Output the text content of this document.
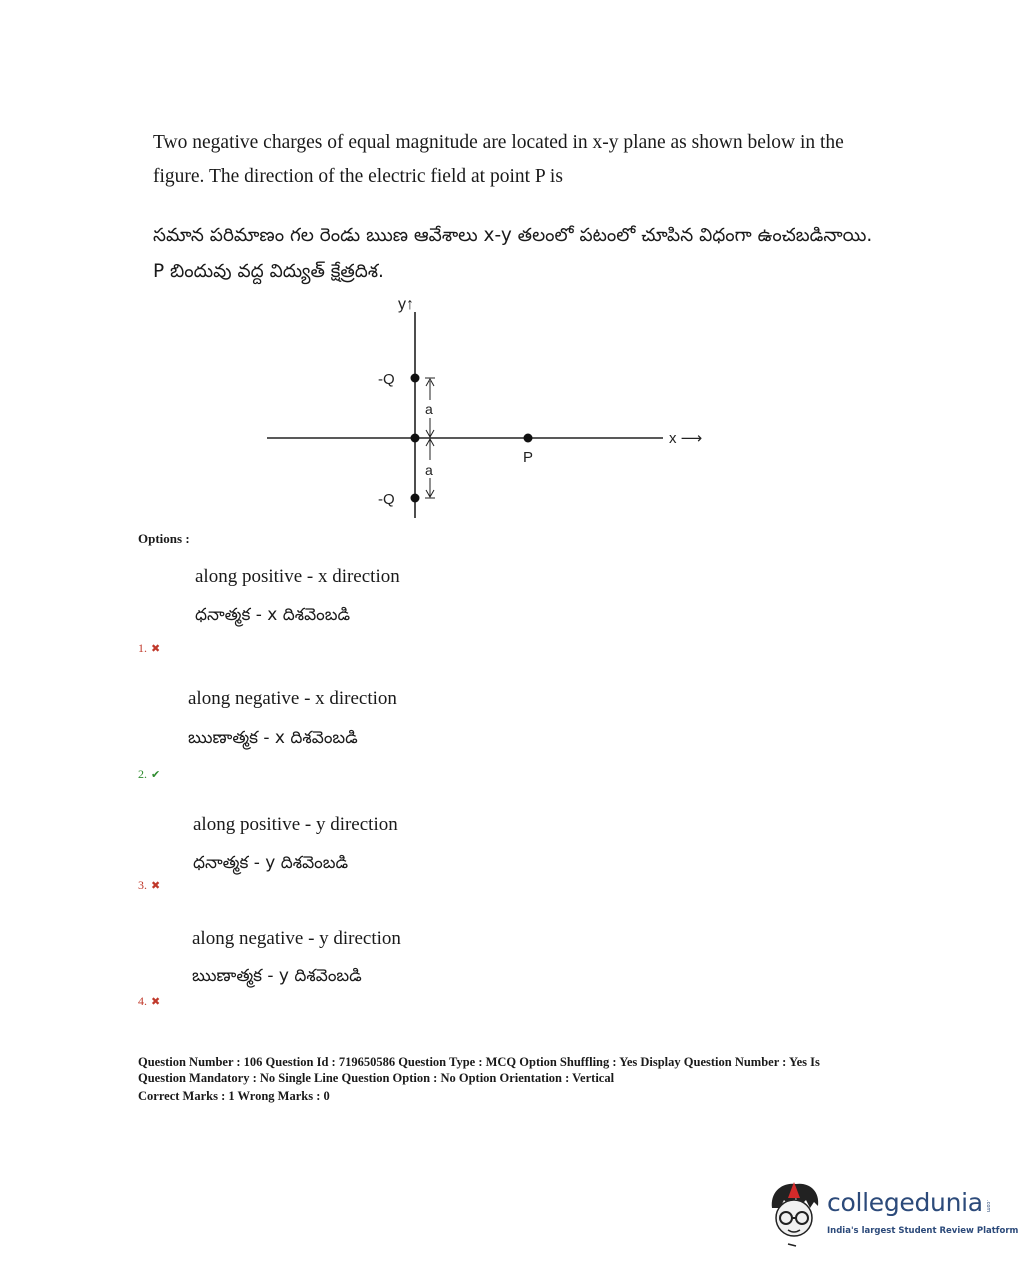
Two negative charges of equal magnitude are located in x-y plane as shown below in the figure. The direction of the electric field at point P is
సమాన పరిమాణం గల రెండు ఋణ ఆవేశాలు x-y తలంలో పటంలో చూపిన విధంగా ఉంచబడినాయి. P బిందువు వద్ద విద్యుత్ క్షేత్రదిశ.
y↑
x ⟶
-Q
-Q
a
a
P
Options :
along positive - x direction
ధనాత్మక - x దిశవెంబడి
1. ✖
along negative - x direction
ఋణాత్మక - x దిశవెంబడి
2. ✔
along positive - y direction
ధనాత్మక - y దిశవెంబడి
3. ✖
along negative - y direction
ఋణాత్మక - y దిశవెంబడి
4. ✖
Question Number : 106 Question Id : 719650586 Question Type : MCQ Option Shuffling : Yes Display Question Number : Yes Is
Question Mandatory : No Single Line Question Option : No Option Orientation : Vertical
Correct Marks : 1 Wrong Marks : 0
collegedunia .com
India's largest Student Review Platform
